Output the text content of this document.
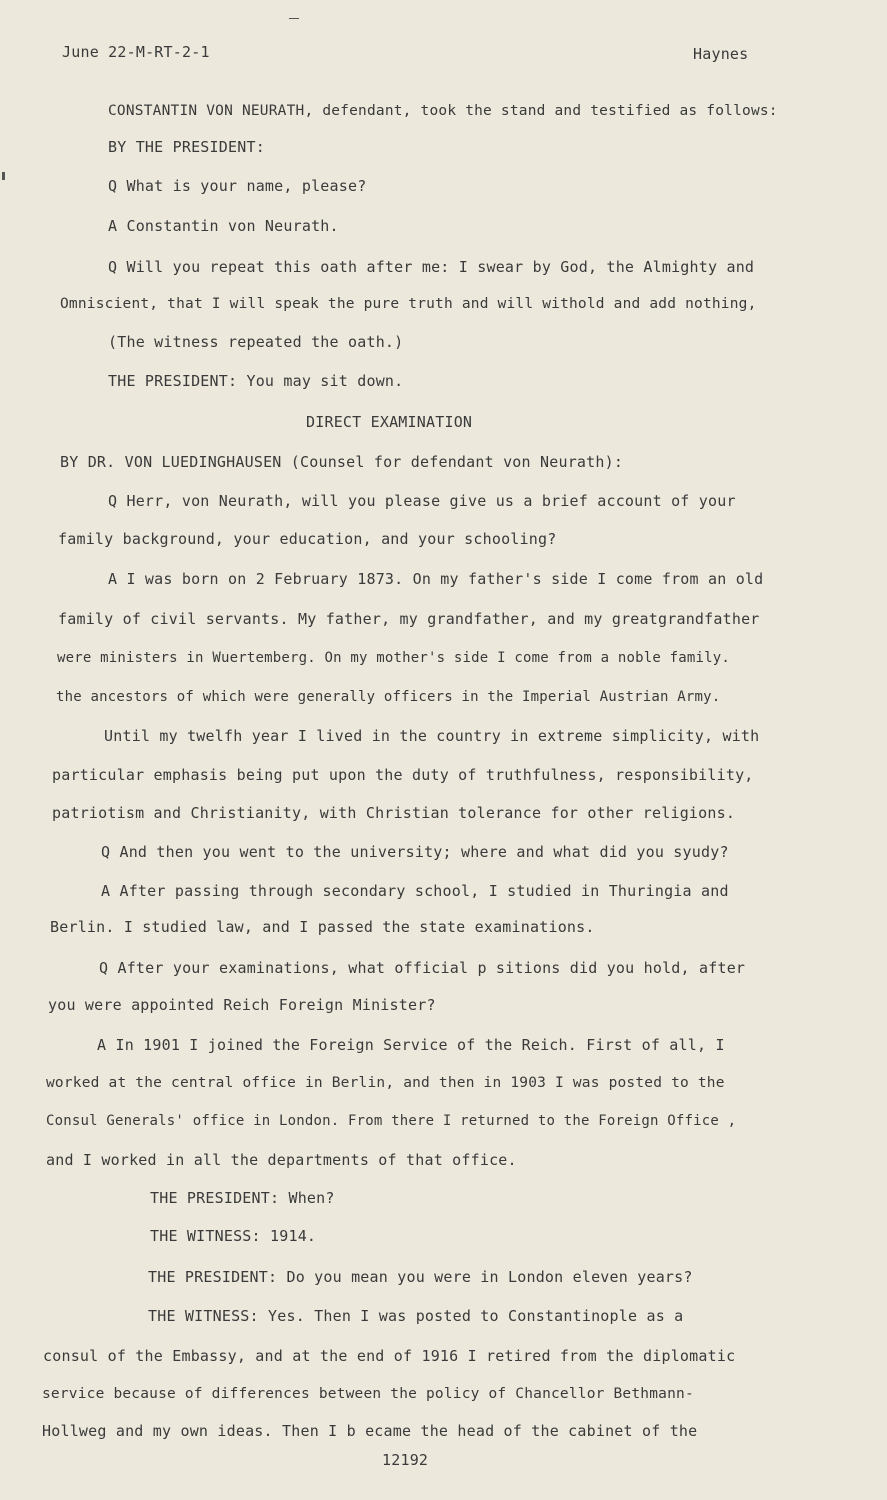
June 22-M-RT-2-1	Haynes
CONSTANTIN VON NEURATH, defendant, took the stand and testified as follows:
BY THE PRESIDENT:
Q What is your name, please?
A Constantin von Neurath.
Q Will you repeat this oath after me: I swear by God, the Almighty and
Omniscient, that I will speak the pure truth and will withold and add nothing,
(The witness repeated the oath.)
THE PRESIDENT: You may sit down.
DIRECT EXAMINATION
BY DR. VON LUEDINGHAUSEN (Counsel for defendant von Neurath):
Q Herr, von Neurath, will you please give us a brief account of your
family background, your education, and your schooling?
A I was born on 2 February 1873. On my father's side I come from an old
family of civil servants. My father, my grandfather, and my greatgrandfather
were ministers in Wuertemberg. On my mother's side I come from a noble family.
the ancestors of which were generally officers in the Imperial Austrian Army.
Until my twelfh year I lived in the country in extreme simplicity, with
particular emphasis being put upon the duty of truthfulness, responsibility,
patriotism and Christianity, with Christian tolerance for other religions.
Q And then you went to the university; where and what did you syudy?
A After passing through secondary school, I studied in Thuringia and
Berlin. I studied law, and I passed the state examinations.
Q After your examinations, what official p sitions did you hold, after
you were appointed Reich Foreign Minister?
A In 1901 I joined the Foreign Service of the Reich. First of all, I
worked at the central office in Berlin, and then in 1903 I was posted to the
Consul Generals' office in London. From there I returned to the Foreign Office ,
and I worked in all the departments of that office.
THE PRESIDENT: When?
THE WITNESS: 1914.
THE PRESIDENT: Do you mean you were in London eleven years?
THE WITNESS: Yes. Then I was posted to Constantinople as a
consul of the Embassy, and at the end of 1916 I retired from the diplomatic
service because of differences between the policy of Chancellor Bethmann-
Hollweg and my own ideas. Then I b ecame the head of the cabinet of the
12192
